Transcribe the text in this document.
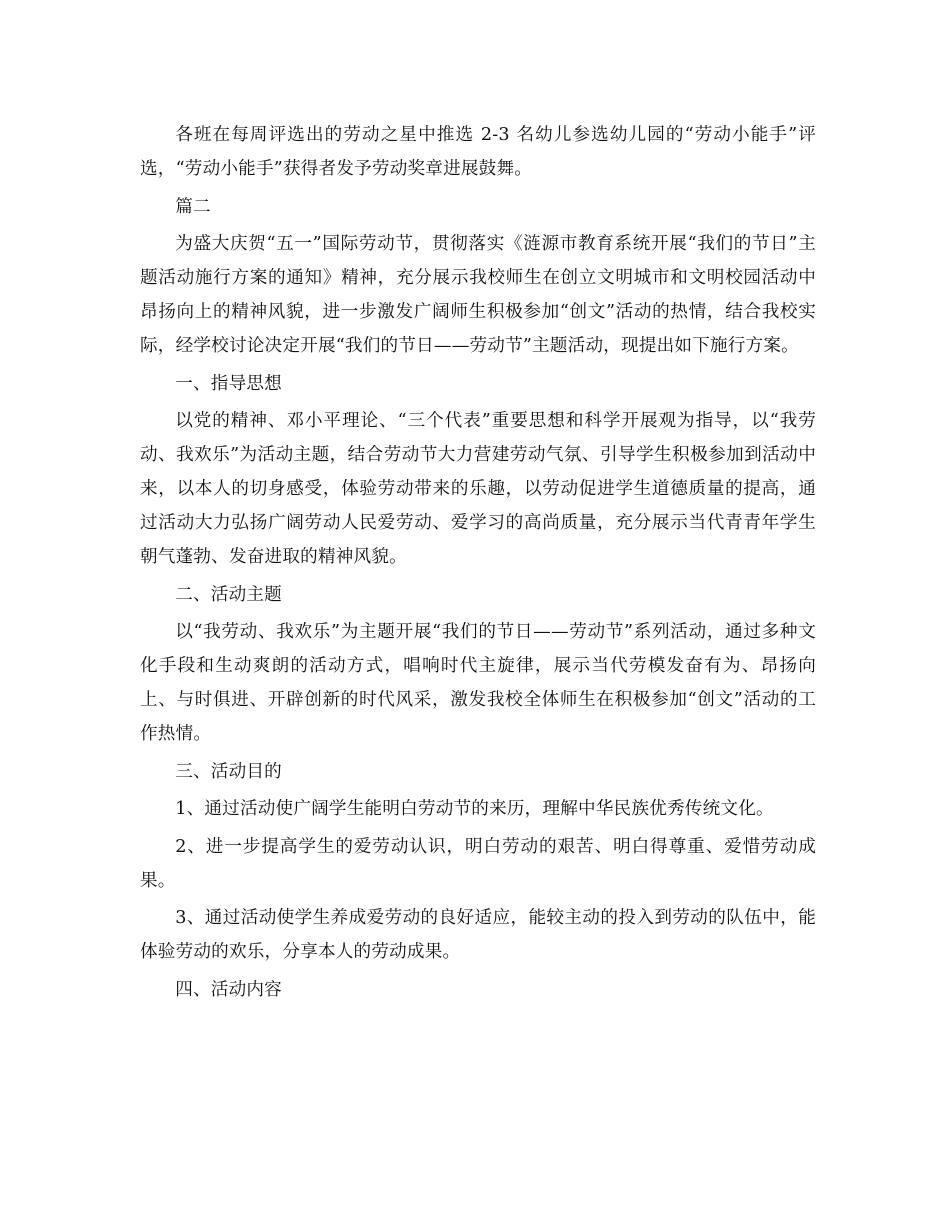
各班在每周评选出的劳动之星中推选 2-3 名幼儿参选幼儿园的“劳动小能手”评选，“劳动小能手”获得者发予劳动奖章进展鼓舞。

篇二

为盛大庆贺“五一”国际劳动节，贯彻落实《涟源市教育系统开展“我们的节日”主题活动施行方案的通知》精神，充分展示我校师生在创立文明城市和文明校园活动中昂扬向上的精神风貌，进一步激发广阔师生积极参加“创文”活动的热情，结合我校实际，经学校讨论决定开展“我们的节日——劳动节”主题活动，现提出如下施行方案。

一、指导思想

以党的精神、邓小平理论、“三个代表”重要思想和科学开展观为指导，以“我劳动、我欢乐”为活动主题，结合劳动节大力营建劳动气氛、引导学生积极参加到活动中来，以本人的切身感受，体验劳动带来的乐趣，以劳动促进学生道德质量的提高，通过活动大力弘扬广阔劳动人民爱劳动、爱学习的高尚质量，充分展示当代青青年学生朝气蓬勃、发奋进取的精神风貌。

二、活动主题

以“我劳动、我欢乐”为主题开展“我们的节日——劳动节”系列活动，通过多种文化手段和生动爽朗的活动方式，唱响时代主旋律，展示当代劳模发奋有为、昂扬向上、与时俱进、开辟创新的时代风采，激发我校全体师生在积极参加“创文”活动的工作热情。

三、活动目的

1、通过活动使广阔学生能明白劳动节的来历，理解中华民族优秀传统文化。

2、进一步提高学生的爱劳动认识，明白劳动的艰苦、明白得尊重、爱惜劳动成果。

3、通过活动使学生养成爱劳动的良好适应，能较主动的投入到劳动的队伍中，能体验劳动的欢乐，分享本人的劳动成果。

四、活动内容
